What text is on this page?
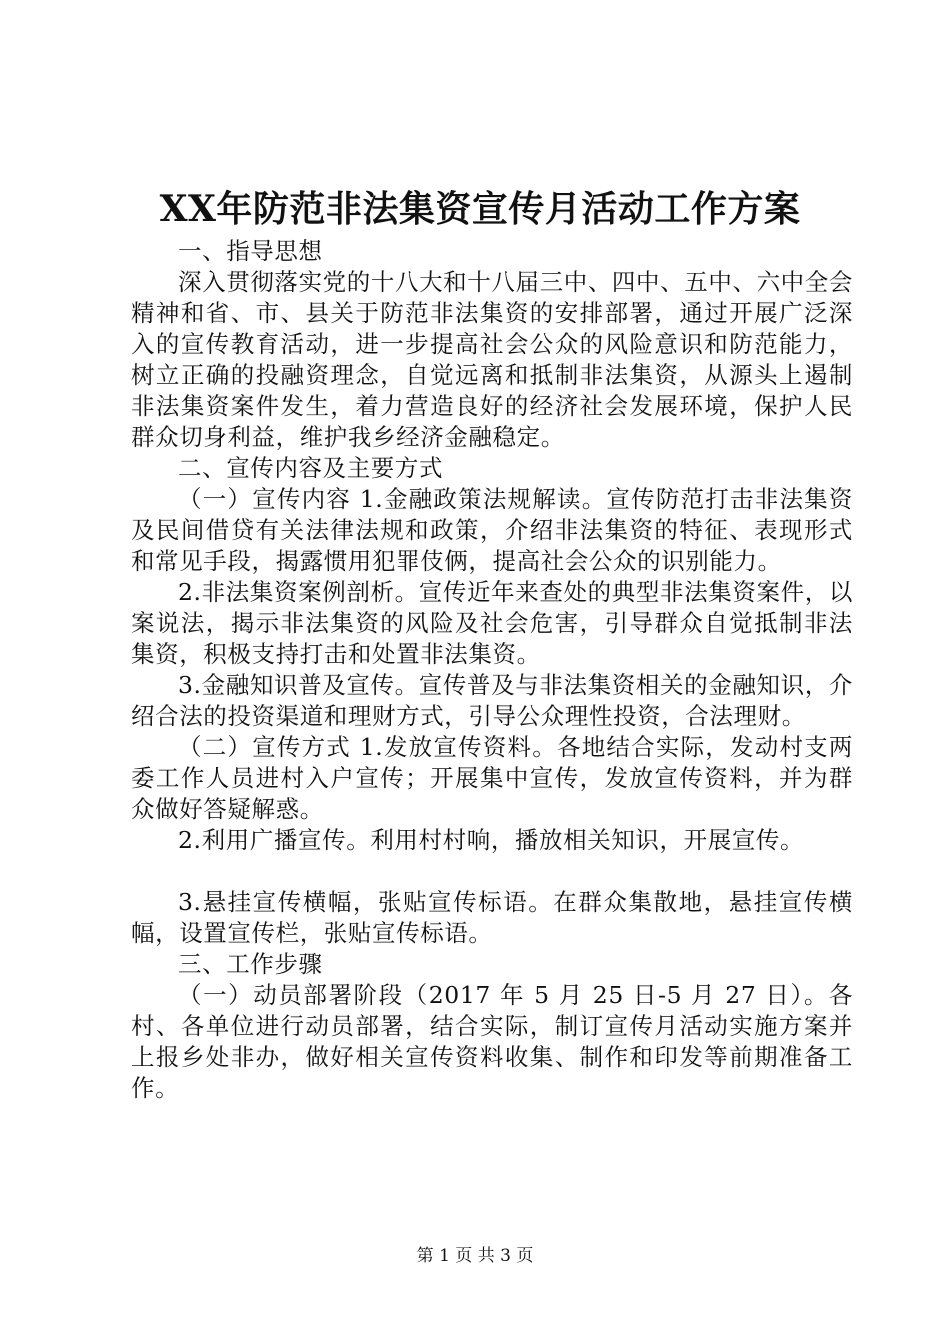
XX年防范非法集资宣传月活动工作方案

一、指导思想

深入贯彻落实党的十八大和十八届三中、四中、五中、六中全会精神和省、市、县关于防范非法集资的安排部署，通过开展广泛深入的宣传教育活动，进一步提高社会公众的风险意识和防范能力，树立正确的投融资理念，自觉远离和抵制非法集资，从源头上遏制非法集资案件发生，着力营造良好的经济社会发展环境，保护人民群众切身利益，维护我乡经济金融稳定。

二、宣传内容及主要方式

（一）宣传内容 1.金融政策法规解读。宣传防范打击非法集资及民间借贷有关法律法规和政策，介绍非法集资的特征、表现形式和常见手段，揭露惯用犯罪伎俩，提高社会公众的识别能力。

2.非法集资案例剖析。宣传近年来查处的典型非法集资案件，以案说法，揭示非法集资的风险及社会危害，引导群众自觉抵制非法集资，积极支持打击和处置非法集资。

3.金融知识普及宣传。宣传普及与非法集资相关的金融知识，介绍合法的投资渠道和理财方式，引导公众理性投资，合法理财。

（二）宣传方式 1.发放宣传资料。各地结合实际，发动村支两委工作人员进村入户宣传；开展集中宣传，发放宣传资料，并为群众做好答疑解惑。

2.利用广播宣传。利用村村响，播放相关知识，开展宣传。

3.悬挂宣传横幅，张贴宣传标语。在群众集散地，悬挂宣传横幅，设置宣传栏，张贴宣传标语。

三、工作步骤

（一）动员部署阶段（2017 年 5 月 25 日-5 月 27 日）。各村、各单位进行动员部署，结合实际，制订宣传月活动实施方案并上报乡处非办，做好相关宣传资料收集、制作和印发等前期准备工作。

第 1 页 共 3 页
